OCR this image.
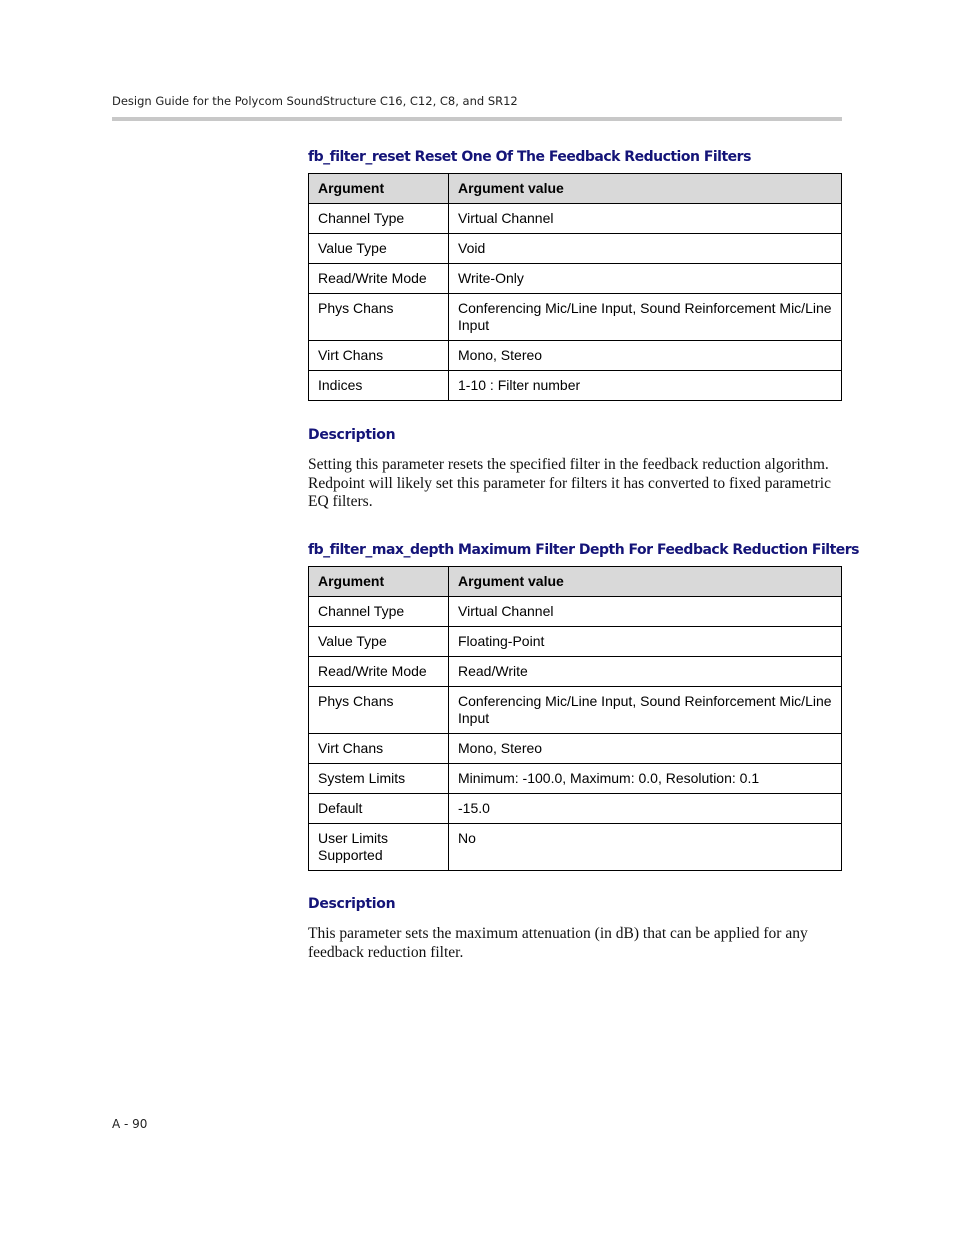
Design Guide for the Polycom SoundStructure C16, C12, C8, and SR12
fb_filter_reset Reset One Of The Feedback Reduction Filters
Argument	Argument value
Channel Type	Virtual Channel
Value Type	Void
Read/Write Mode	Write-Only
Phys Chans	Conferencing Mic/Line Input, Sound Reinforcement Mic/Line Input
Virt Chans	Mono, Stereo
Indices	1-10 : Filter number
Description
Setting this parameter resets the specified filter in the feedback reduction algorithm. Redpoint will likely set this parameter for filters it has converted to fixed parametric EQ filters.
fb_filter_max_depth Maximum Filter Depth For Feedback Reduction Filters
Argument	Argument value
Channel Type	Virtual Channel
Value Type	Floating-Point
Read/Write Mode	Read/Write
Phys Chans	Conferencing Mic/Line Input, Sound Reinforcement Mic/Line Input
Virt Chans	Mono, Stereo
System Limits	Minimum: -100.0, Maximum: 0.0, Resolution: 0.1
Default	-15.0
User Limits Supported	No
Description
This parameter sets the maximum attenuation (in dB) that can be applied for any feedback reduction filter.
A - 90
